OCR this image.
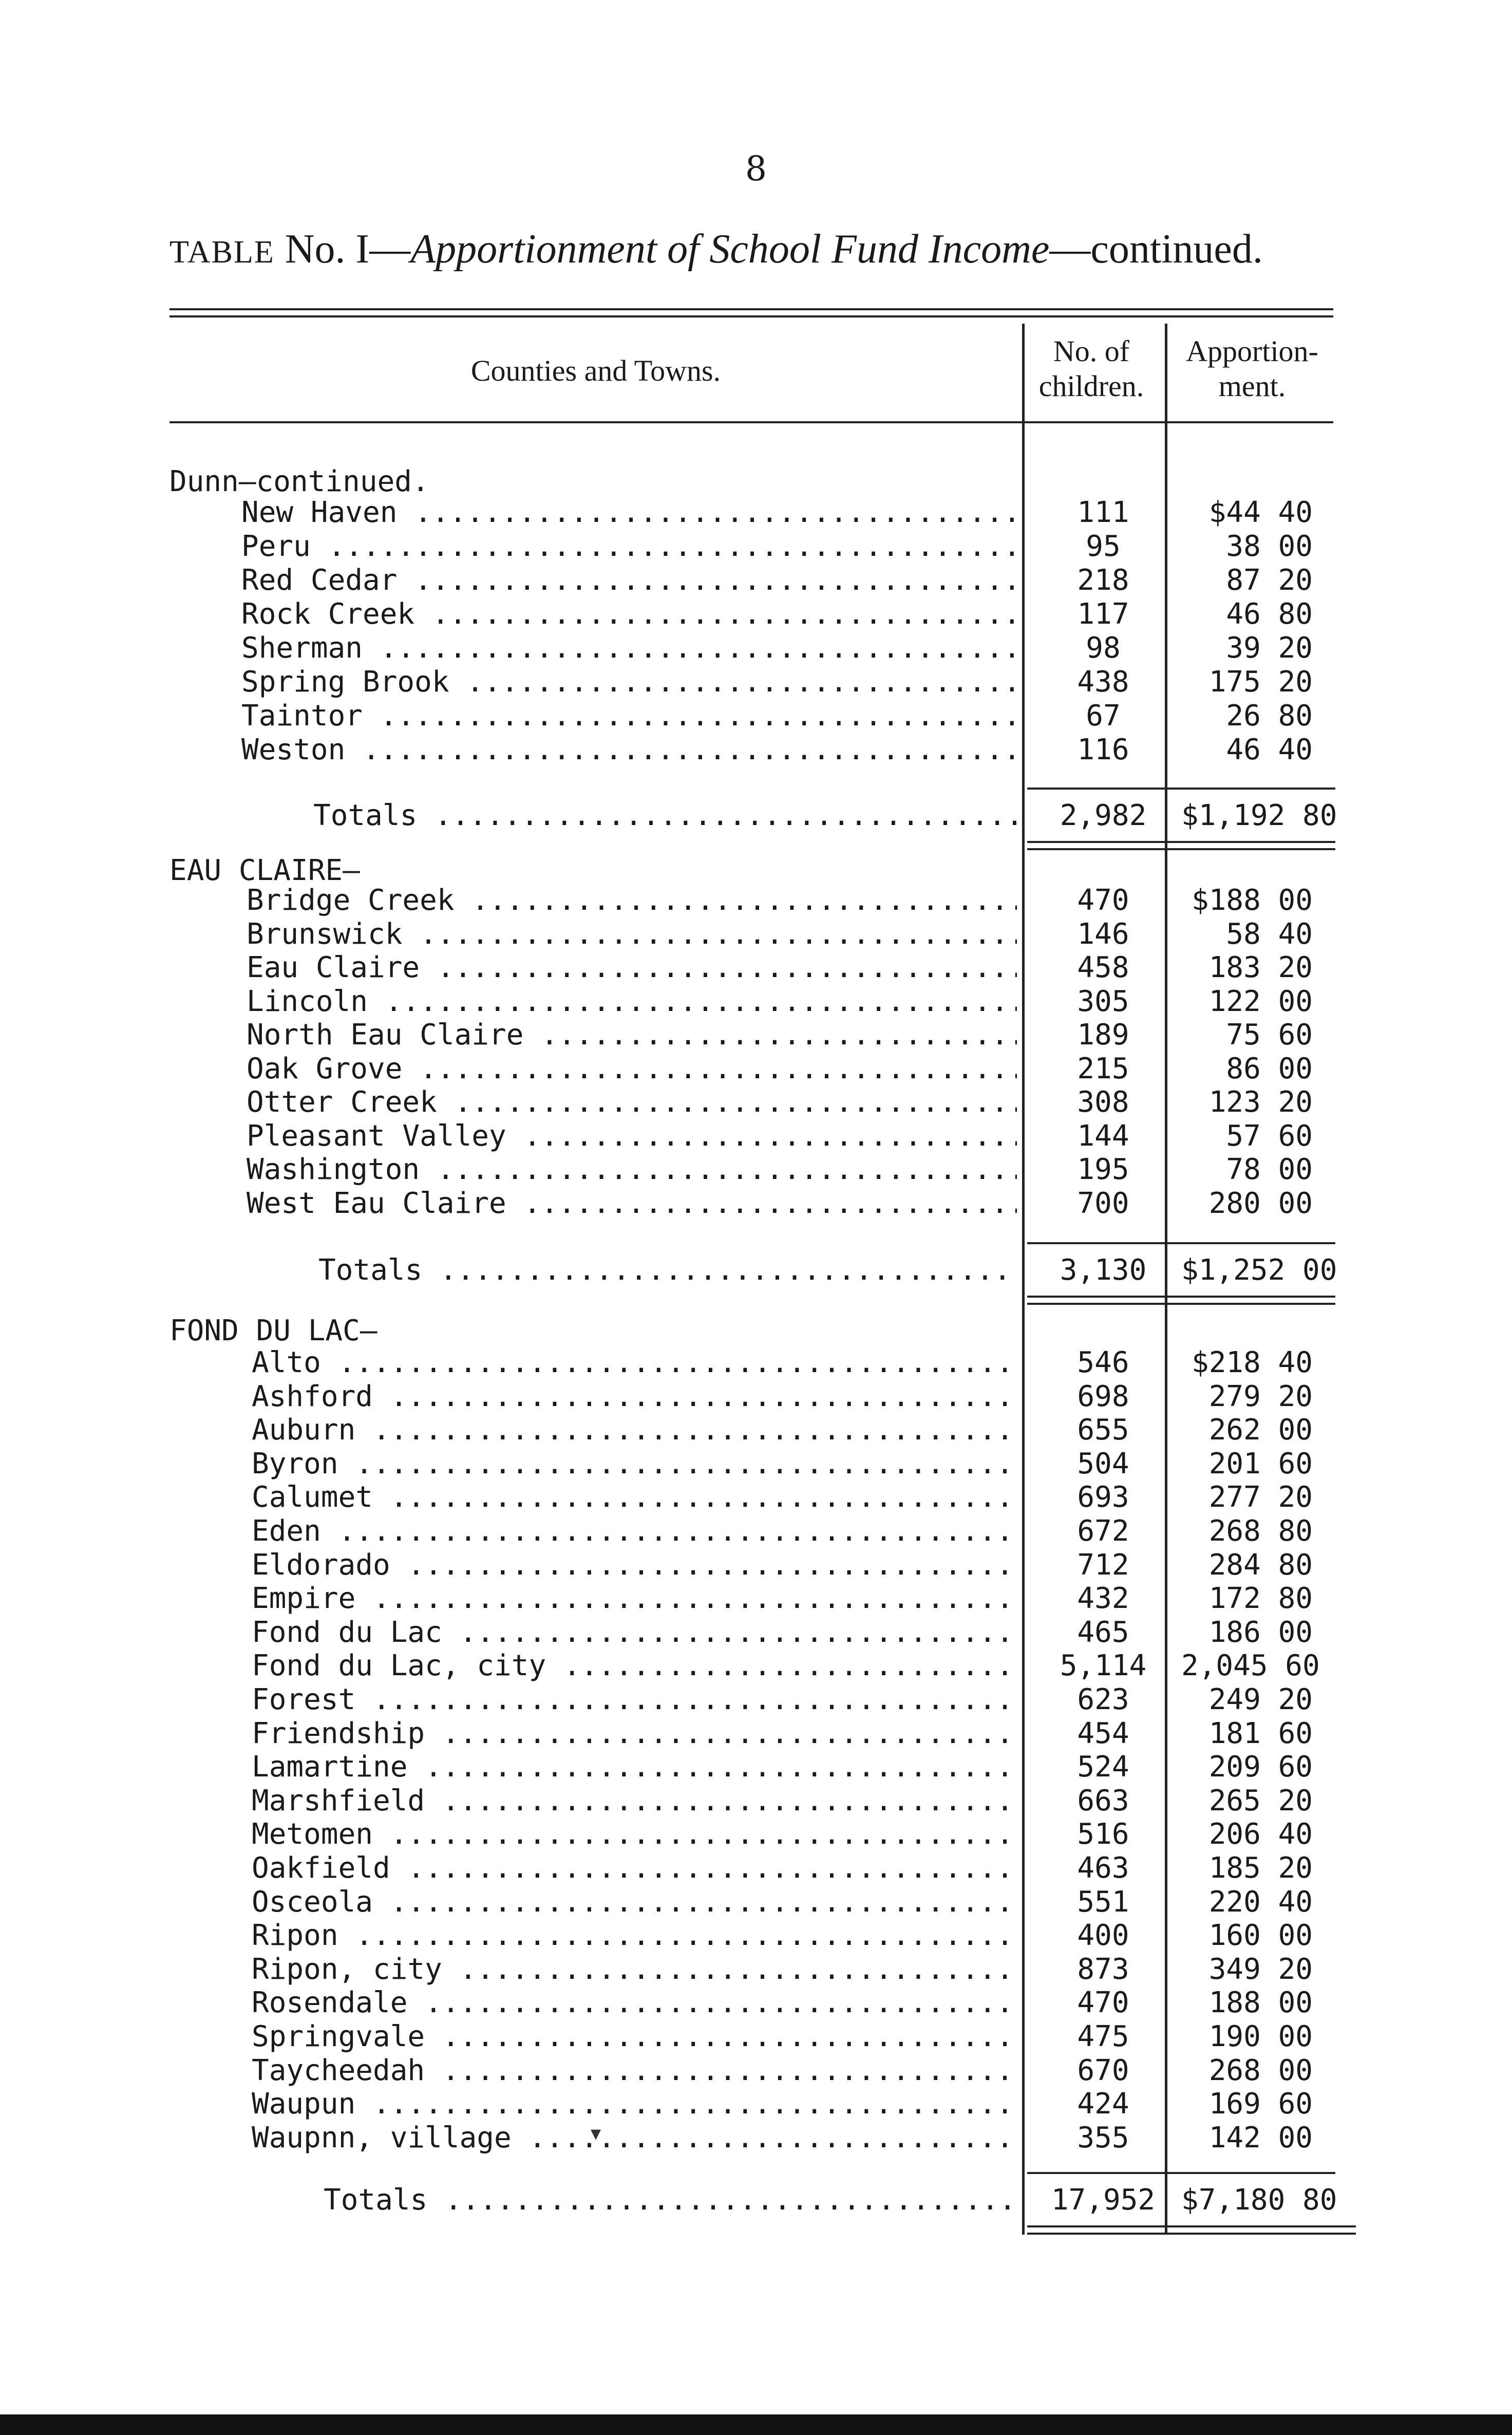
8
TABLE No. I—Apportionment of School Fund Income—continued.
Counties and Towns.
No. of
children.
Apportion-
ment.
Dunn—continued.
New Haven .....	111	$44 40
Peru .....	95	38 00
Red Cedar .....	218	87 20
Rock Creek .....	117	46 80
Sherman .....	98	39 20
Spring Brook .....	438	175 20
Taintor .....	67	26 80
Weston .....	116	46 40
Totals .....	2,982	$1,192 80
EAU CLAIRE—
Bridge Creek .....	470	$188 00
Brunswick .....	146	58 40
Eau Claire .....	458	183 20
Lincoln .....	305	122 00
North Eau Claire .....	189	75 60
Oak Grove .....	215	86 00
Otter Creek .....	308	123 20
Pleasant Valley .....	144	57 60
Washington .....	195	78 00
West Eau Claire .....	700	280 00
Totals .....	3,130	$1,252 00
FOND DU LAC—
Alto .....	546	$218 40
Ashford .....	698	279 20
Auburn .....	655	262 00
Byron .....	504	201 60
Calumet .....	693	277 20
Eden .....	672	268 80
Eldorado .....	712	284 80
Empire .....	432	172 80
Fond du Lac .....	465	186 00
Fond du Lac, city .....	5,114	2,045 60
Forest .....	623	249 20
Friendship .....	454	181 60
Lamartine .....	524	209 60
Marshfield .....	663	265 20
Metomen .....	516	206 40
Oakfield .....	463	185 20
Osceola .....	551	220 40
Ripon .....	400	160 00
Ripon, city .....	873	349 20
Rosendale .....	470	188 00
Springvale .....	475	190 00
Taycheedah .....	670	268 00
Waupun .....	424	169 60
Waupnn, village .....	355	142 00
Totals .....	17,952 $7,180 80
▾
